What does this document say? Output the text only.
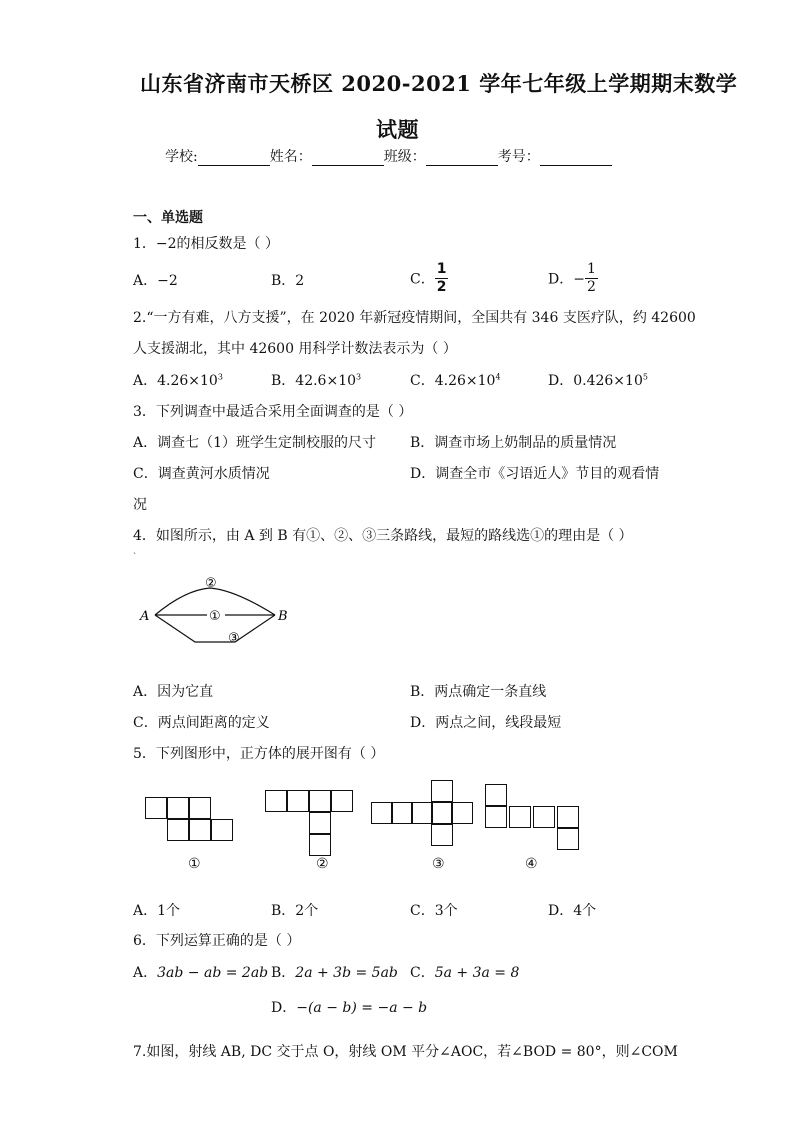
山东省济南市天桥区 2020-2021 学年七年级上学期期末数学
试题
学校:	姓名：	班级：	考号：
一、单选题
1．−2的相反数是（ ）
A．−2	B．2	C． $\frac{1}{2}$	D．− $\frac{1}{2}$
2.“一方有难，八方支援”，在 2020 年新冠疫情期间，全国共有 346 支医疗队，约 42600
人支援湖北，其中 42600 用科学计数法表示为（ ）
A．$4.26\times 10^3$	B．$42.6\times 10^3$	C．$4.26\times 10^4$	D．$0.426\times 10^5$
3．下列调查中最适合采用全面调查的是（ ）
A．调查七（1）班学生定制校服的尺寸 B．调查市场上奶制品的质量情况
C．调查黄河水质情况	D．调查全市《习语近人》节目的观看情
况
4．如图所示，由 A 到 B 有①、②、③三条路线，最短的路线选①的理由是（ ）
`
A	B
②
①
③
A．因为它直	B．两点确定一条直线
C．两点间距离的定义	D．两点之间，线段最短
5．下列图形中，正方体的展开图有（ ）
①	②	③	④
A．1个	B．2个	C．3个	D．4个
6．下列运算正确的是（ ）
A．3ab − ab = 2ab B．2a + 3b = 5ab C．5a + 3a = 8
D．−(a − b) = −a − b
7.如图，射线 AB, DC 交于点 O，射线 OM 平分∠AOC，若∠BOD = 80°，则∠COM
